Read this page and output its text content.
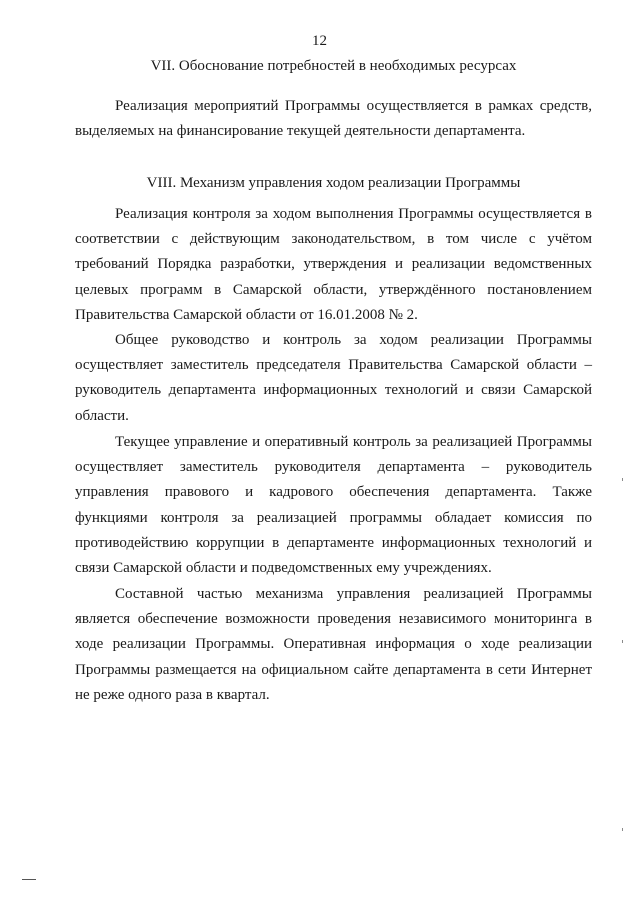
12
VII. Обоснование потребностей в необходимых ресурсах

Реализация мероприятий Программы осуществляется в рамках средств, выделяемых на финансирование текущей деятельности департамента.

VIII. Механизм управления ходом реализации Программы

Реализация контроля за ходом выполнения Программы осуществляется в соответствии с действующим законодательством, в том числе с учётом требований Порядка разработки, утверждения и реализации ведомственных целевых программ в Самарской области, утверждённого постановлением Правительства Самарской области от 16.01.2008 № 2.

Общее руководство и контроль за ходом реализации Программы осуществляет заместитель председателя Правительства Самарской области – руководитель департамента информационных технологий и связи Самарской области.

Текущее управление и оперативный контроль за реализацией Программы осуществляет заместитель руководителя департамента – руководитель управления правового и кадрового обеспечения департамента. Также функциями контроля за реализацией программы обладает комиссия по противодействию коррупции в департаменте информационных технологий и связи Самарской области и подведомственных ему учреждениях.

Составной частью механизма управления реализацией Программы является обеспечение возможности проведения независимого мониторинга в ходе реализации Программы. Оперативная информация о ходе реализации Программы размещается на официальном сайте департамента в сети Интернет не реже одного раза в квартал.
